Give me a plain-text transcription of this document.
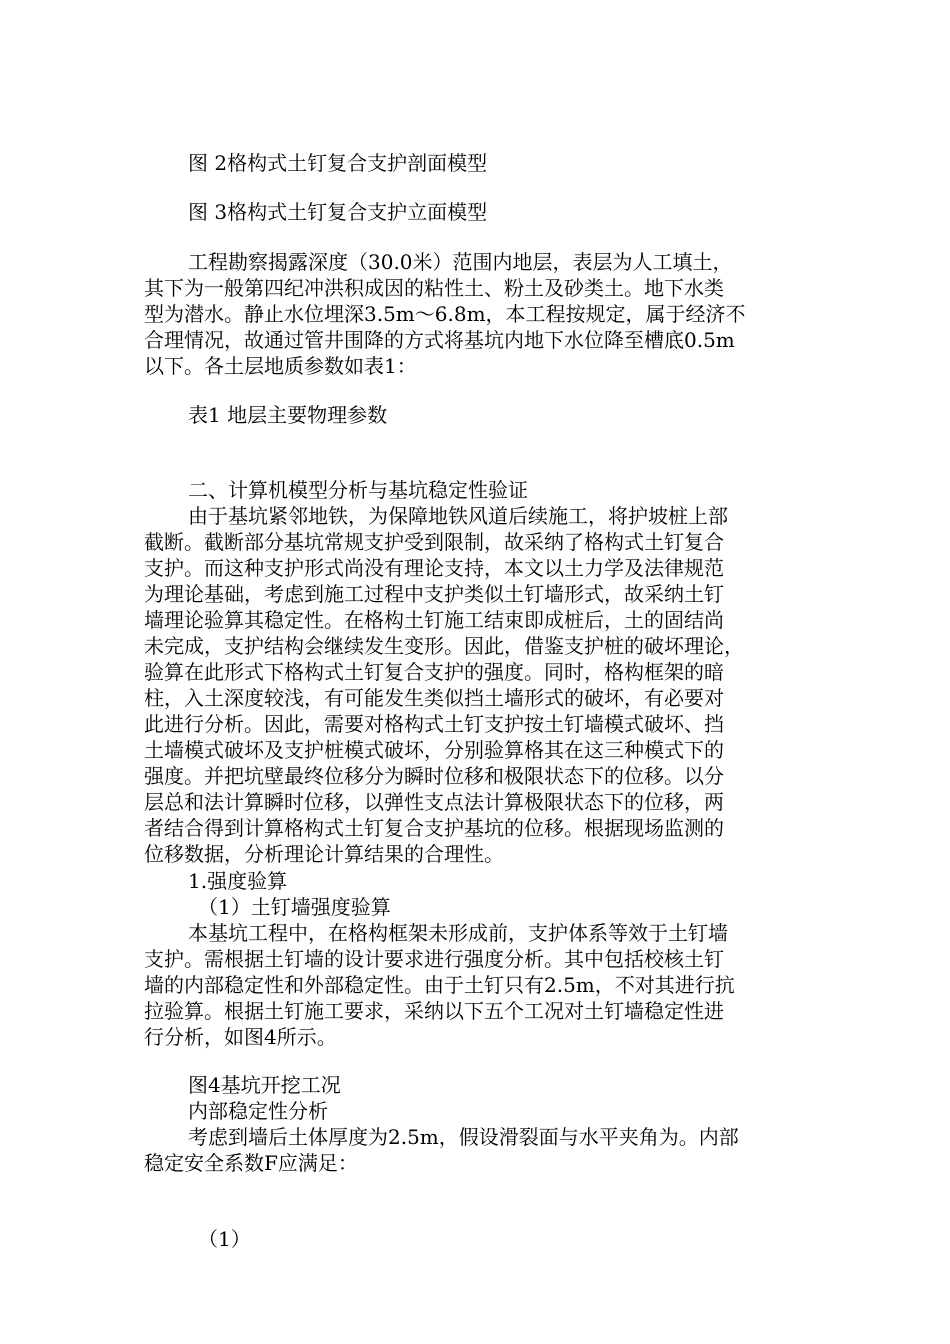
图 2格构式土钉复合支护剖面模型
图 3格构式土钉复合支护立面模型
工程勘察揭露深度（30.0米）范围内地层，表层为人工填土，
其下为一般第四纪冲洪积成因的粘性土、粉土及砂类土。地下水类
型为潜水。静止水位埋深3.5m～6.8m，本工程按规定，属于经济不
合理情况，故通过管井围降的方式将基坑内地下水位降至槽底0.5m
以下。各土层地质参数如表1：
表1 地层主要物理参数
二、计算机模型分析与基坑稳定性验证
由于基坑紧邻地铁，为保障地铁风道后续施工，将护坡桩上部
截断。截断部分基坑常规支护受到限制，故采纳了格构式土钉复合
支护。而这种支护形式尚没有理论支持，本文以土力学及法律规范
为理论基础，考虑到施工过程中支护类似土钉墙形式，故采纳土钉
墙理论验算其稳定性。在格构土钉施工结束即成桩后，土的固结尚
未完成，支护结构会继续发生变形。因此，借鉴支护桩的破坏理论，
验算在此形式下格构式土钉复合支护的强度。同时，格构框架的暗
柱，入土深度较浅，有可能发生类似挡土墙形式的破坏，有必要对
此进行分析。因此，需要对格构式土钉支护按土钉墙模式破坏、挡
土墙模式破坏及支护桩模式破坏，分别验算格其在这三种模式下的
强度。并把坑壁最终位移分为瞬时位移和极限状态下的位移。以分
层总和法计算瞬时位移，以弹性支点法计算极限状态下的位移，两
者结合得到计算格构式土钉复合支护基坑的位移。根据现场监测的
位移数据，分析理论计算结果的合理性。
1.强度验算
（1）土钉墙强度验算
本基坑工程中，在格构框架未形成前，支护体系等效于土钉墙
支护。需根据土钉墙的设计要求进行强度分析。其中包括校核土钉
墙的内部稳定性和外部稳定性。由于土钉只有2.5m，不对其进行抗
拉验算。根据土钉施工要求，采纳以下五个工况对土钉墙稳定性进
行分析，如图4所示。
图4基坑开挖工况
内部稳定性分析
考虑到墙后土体厚度为2.5m，假设滑裂面与水平夹角为。内部
稳定安全系数F应满足：
（1）
